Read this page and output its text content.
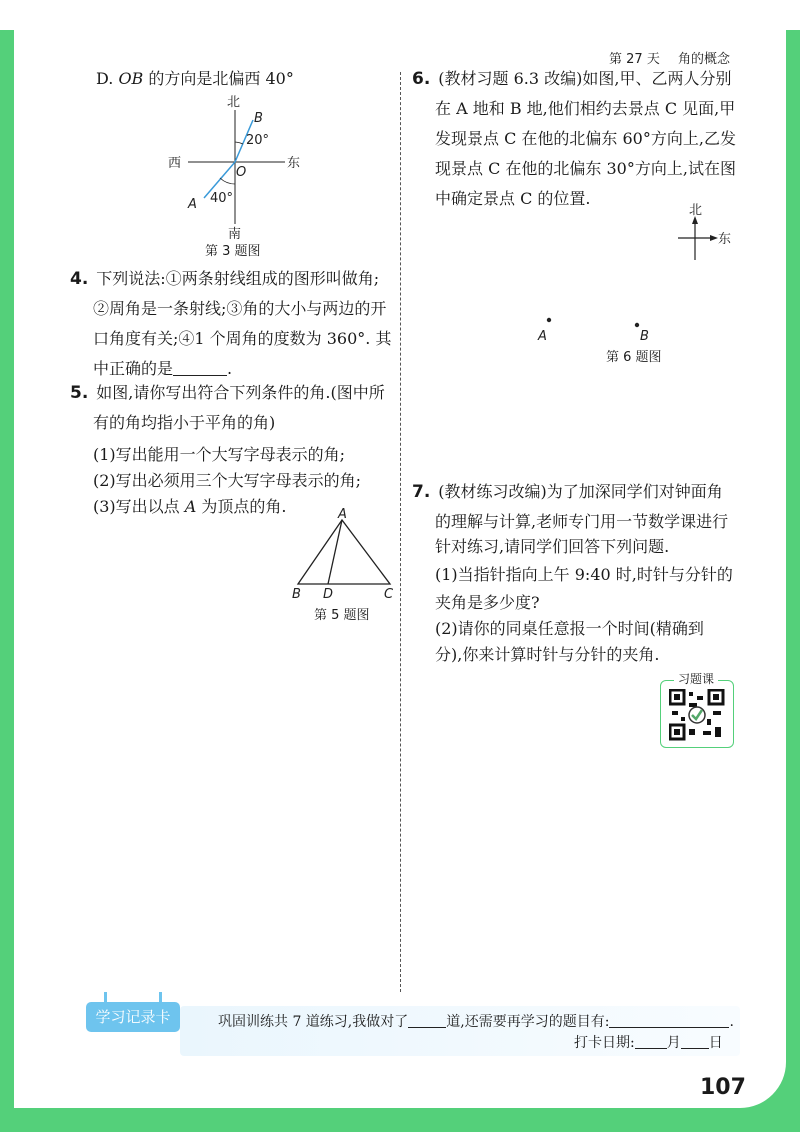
第 27 天 角的概念
D. OB 的方向是北偏西 40°
北
南
西	东
B
O
A
20°
40°
第 3 题图
4. 下列说法:①两条射线组成的图形叫做角;
②周角是一条射线;③角的大小与两边的开
口角度有关;④1 个周角的度数为 360°. 其
中正确的是	.
5. 如图,请你写出符合下列条件的角.(图中所
有的角均指小于平角的角)
(1)写出能用一个大写字母表示的角;
(2)写出必须用三个大写字母表示的角;
(3)写出以点 A 为顶点的角.	A
B D	C
第 5 题图
6. (教材习题 6.3 改编)如图,甲、乙两人分别
在 A 地和 B 地,他们相约去景点 C 见面,甲
发现景点 C 在他的北偏东 60°方向上,乙发
现景点 C 在他的北偏东 30°方向上,试在图
中确定景点 C 的位置.
北
东
A	B
第 6 题图
7. (教材练习改编)为了加深同学们对钟面角
的理解与计算,老师专门用一节数学课进行
针对练习,请同学们回答下列问题.
(1)当指针指向上午 9:40 时,时针与分针的
夹角是多少度?
(2)请你的同桌任意报一个时间(精确到
分),你来计算时针与分针的夹角.
习题课
学习记录卡	巩固训练共 7 道练习,我做对了	道,还需要再学习的题目有:	.
打卡日期: 月 日
107
